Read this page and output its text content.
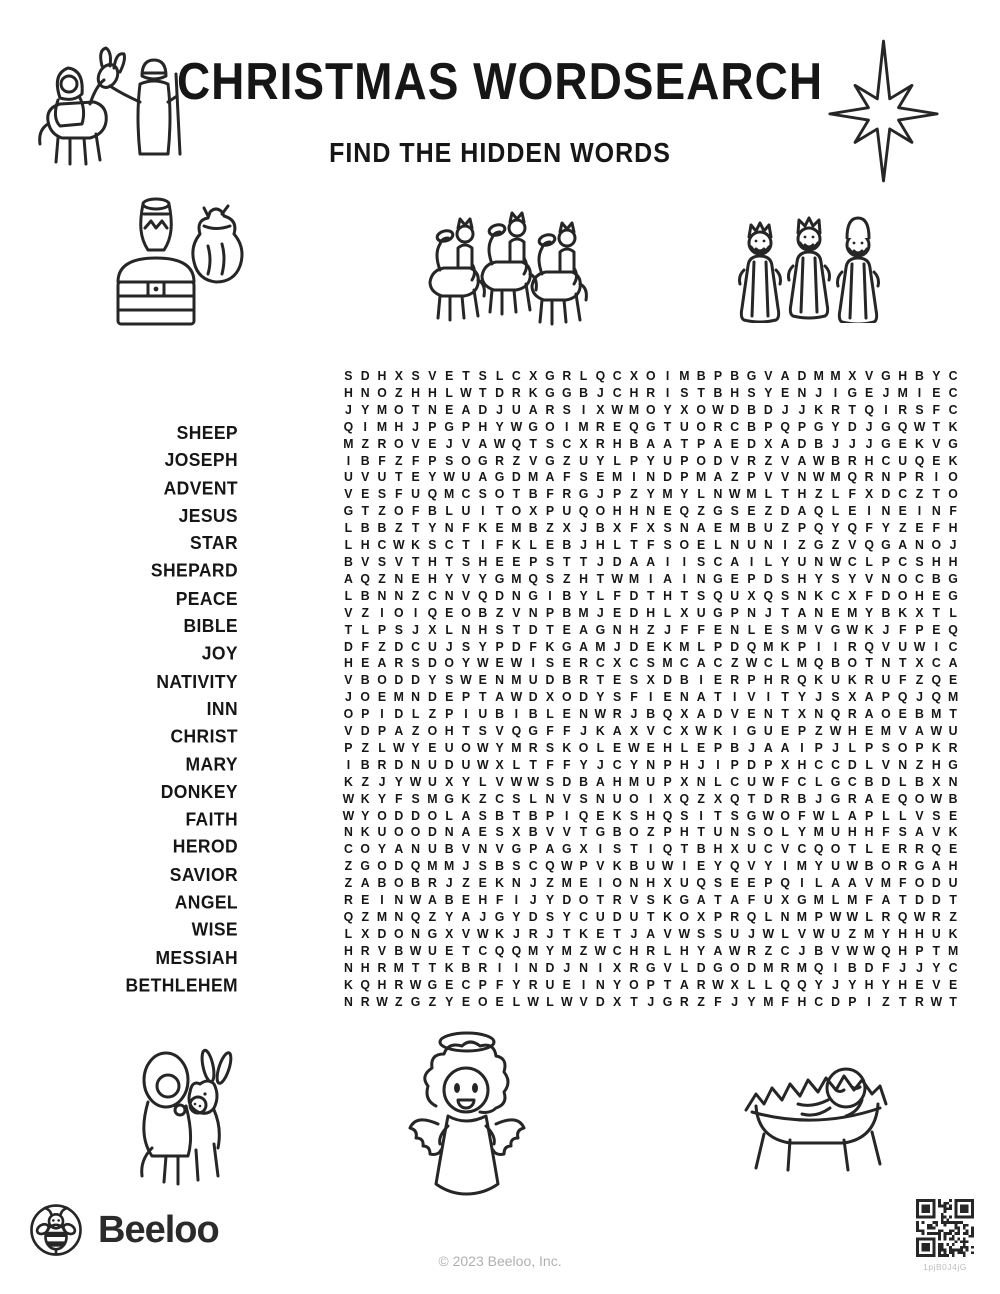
CHRISTMAS WORDSEARCH
FIND THE HIDDEN WORDS
SHEEP
JOSEPH
ADVENT
JESUS
STAR
SHEPARD
PEACE
BIBLE
JOY
NATIVITY
INN
CHRIST
MARY
DONKEY
FAITH
HEROD
SAVIOR
ANGEL
WISE
MESSIAH
BETHLEHEM
S D H X S V E T S L C X G R L Q C X O I M B P B G V A D M M X V G H B Y C
H N O Z H H L W T D R K G G B J C H R I S T B H S Y E N J I G E J M I E C
J Y M O T N E A D J U A R S I X W M O Y X O W D B D J J K R T Q I R S F C
Q I M H J P G P H Y W G O I M R E Q G T U O R C B P Q P G Y D J G Q W T K
M Z R O V E J V A W Q T S C X R H B A A T P A E D X A D B J J J G E K V G
I B F Z F P S O G R Z V G Z U Y L P Y U P O D V R Z V A W B R H C U Q E K
U V U T E Y W U A G D M A F S E M I N D P M A Z P V V N W M Q R N P R I O
V E S F U Q M C S O T B F R G J P Z Y M Y L N W M L T H Z L F X D C Z T O
G T Z O F B L U I T O X P U Q O H H N E Q Z G S E Z D A Q L E I N E I N F
L B B Z T Y N F K E M B Z X J B X F X S N A E M B U Z P Q Y Q F Y Z E F H
L H C W K S C T I F K L E B J H L T F S O E L N U N I Z G Z V Q G A N O J
B V S V T H T S H E E P S T T J D A A I	I S C A I L Y U N W C L P C S H H
A Q Z N E H Y V Y G M Q S Z H T W M I A I N G E P D S H Y S Y V N O C B G
L B N N Z C N V Q D N G I B Y L F D T H T S Q U X Q S N K C X F D O H E G
V Z I O I Q E O B Z V N P B M J E D H L X U G P N J T A N E M Y B K X T L
T L P S J X L N H S T D T E A G N H Z J F F E N L E S M V G W K J F P E Q
D F Z D C U J S Y P D F K G A M J D E K M L P D Q M K P I	I R Q V U W I C
H E A R S D O Y W E W I S E R C X C S M C A C Z W C L M Q B O T N T X C A
V B O D D Y S W E N M U D B R T E S X D B I E R P H R Q K U K R U F Z Q E
J O E M N D E P T A W D X O D Y S F I E N A T I V I T Y J S X A P Q J Q M
O P I D L Z P I U B I B L E N W R J B Q X A D V E N T X N Q R A O E B M T
V D P A Z O H T S V Q G F F J K A X V C X W K I G U E P Z W H E M V A W U
P Z L W Y E U O W Y M R S K O L E W E H L E P B J A A I P J L P S O P K R
I B R D N U D U W X L T F F Y J C Y N P H J I P D P X H C C D L V N Z H G
K Z J Y W U X Y L V W W S D B A H M U P X N L C U W F C L G C B D L B X N
W K Y F S M G K Z C S L N V S N U O I X Q Z X Q T D R B J G R A E Q O W B
W Y O D D O L A S B T B P I Q E K S H Q S I T S G W O F W L A P L L V S E
N K U O O D N A E S X B V V T G B O Z P H T U N S O L Y M U H H F S A V K
C O Y A N U B V N V G P A G X I S T I Q T B H X U C V C Q O T L E R R Q E
Z G O D Q M M J S B S C Q W P V K B U W I E Y Q V Y I M Y U W B O R G A H
Z A B O B R J Z E K N J Z M E I O N H X U Q S E E P Q I L A A V M F O D U
R E I N W A B E H F I J Y D O T R V S K G A T A F U X G M L M F A T D D T
Q Z M N Q Z Y A J G Y D S Y C U D U T K O X P R Q L N M P W W L R Q W R Z
L X D O N G X V W K J R J T K E T J A V W S S U J W L V W U Z M Y H H U K
H R V B W U E T C Q Q M Y M Z W C H R L H Y A W R Z C J B V W W Q H P T M
N H R M T T K B R I	I N D J N I X R G V L D G O D M R M Q I B D F J J Y C
K Q H R W G E C P F Y R U E I N Y O P T A R W X L L Q Q Y J Y H Y H E V E
N R W Z G Z Y E O E L W L W V D X T J G R Z F J Y M F H C D P I Z T R W T
Beeloo
© 2023 Beeloo, Inc.	1pjB0J4jG
